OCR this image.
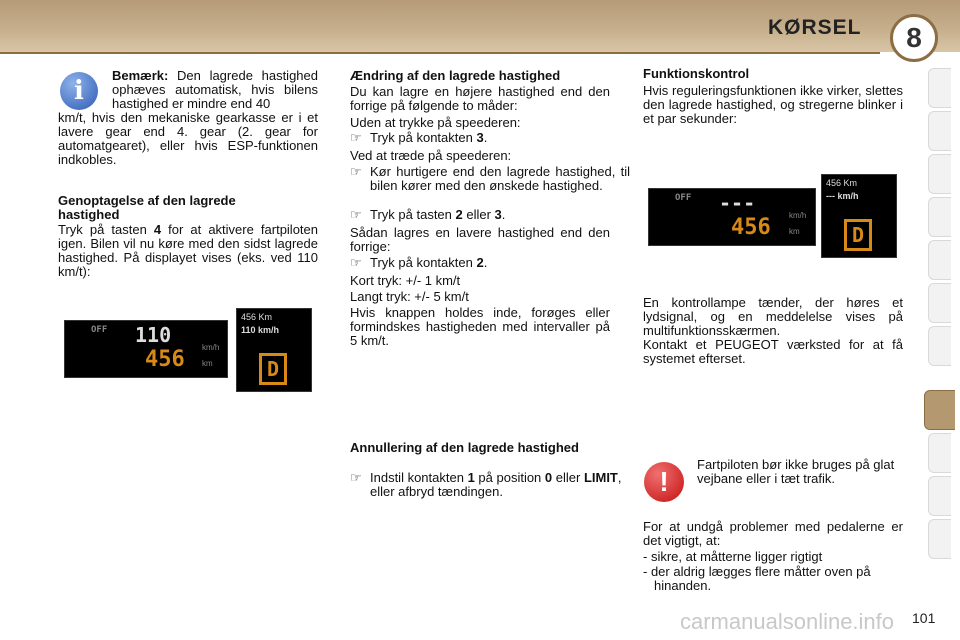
KØRSEL	8
i
Bemærk: Den lagrede hastighed ophæves automatisk, hvis bilens hastighed er mindre end 40
km/t, hvis den mekaniske gearkasse er i et lavere gear end 4. gear (2. gear for automatgearet), eller hvis ESP-funktionen indkobles.
Genoptagelse af den lagrede hastighed
Tryk på tasten 4 for at aktivere fartpiloten igen. Bilen vil nu køre med den sidst lagrede hastighed. På displayet vises (eks. ved 110 km/t):
OFF 110
456 km/h
km
456 Km
110 km/h
D
Ændring af den lagrede hastighed
Du kan lagre en højere hastighed end den forrige på følgende to måder:
Uden at trykke på speederen:
☞ Tryk på kontakten 3.
Ved at træde på speederen:
☞ Kør hurtigere end den lagrede hastighed, til bilen kører med den ønskede hastighed.
☞ Tryk på tasten 2 eller 3.
Sådan lagres en lavere hastighed end den forrige:
☞ Tryk på kontakten 2.
Kort tryk: +/- 1 km/t
Langt tryk: +/- 5 km/t
Hvis knappen holdes inde, forøges eller formindskes hastigheden med intervaller på 5 km/t.
Annullering af den lagrede hastighed
☞ Indstil kontakten 1 på position 0 eller LIMIT, eller afbryd tændingen.
Funktionskontrol
Hvis reguleringsfunktionen ikke virker, slettes den lagrede hastighed, og stregerne blinker i et par sekunder:
OFF ---
456 km/h
km
456 Km
--- km/h
D
En kontrollampe tænder, der høres et lydsignal, og en meddelelse vises på multifunktionsskærmen.
Kontakt et PEUGEOT værksted for at få systemet efterset.
!
Fartpiloten bør ikke bruges på glat vejbane eller i tæt trafik.
For at undgå problemer med pedalerne er det vigtigt, at:
- sikre, at måtterne ligger rigtigt
- der aldrig lægges flere måtter oven på hinanden.
carmanualsonline.info 101
